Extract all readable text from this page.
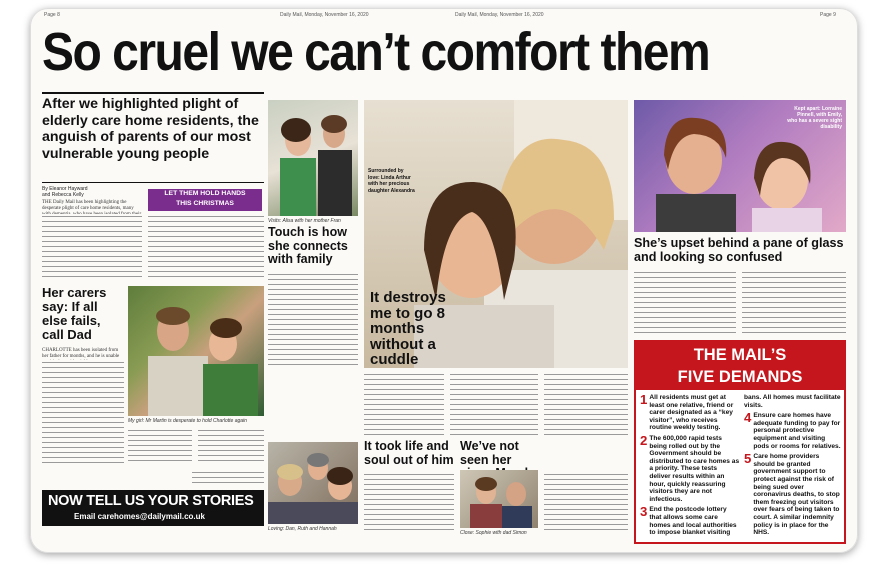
Page 8	Daily Mail, Monday, November 16, 2020	Daily Mail, Monday, November 16, 2020	Page 9
So cruel we can’t comfort them
After we highlighted plight of elderly care home residents, the anguish of parents of our most vulnerable young people
By Eleanor Hayward
and Rebecca Kelly	LET THEM HOLD HANDS
THIS CHRISTMAS
THE Daily Mail has been highlighting the desperate plight of care home residents, many
Her carers say: If all else fails, call Dad
CHARLOTTE has been isolated from her father for months, and he is unable
My girl: Mr Martin is desperate to hold Charlotte again
NOW TELL US YOUR STORIES
Email carehomes@dailymail.co.uk
Visits: Alisa with her mother Fran
Touch is how she connects with family
Surrounded by love: Linda Arthur with her precious daughter Alexandra
It destroys me to go 8 months without a cuddle
Loving: Dan, Ruth and Hannah
It took life and soul out of him
We’ve not seen her
Close: Sophie with dad Simon
Kept apart: Lorraine Pinnell, with Emily, who has a severe sight disability
She’s upset behind a pane of glass and looking so confused
THE MAIL’S
FIVE DEMANDS
1 All residents must get at least one relative, friend or carer designated as a “key visitor”, who receives routine weekly testing.
2 The 600,000 rapid tests being rolled out by the Government should be distributed to care homes as a priority. These tests deliver results within an hour, quickly reassuring visitors they are not infectious.
3 End the postcode lottery that allows some care homes and local authorities to impose blanket visiting
bans. All homes must facilitate visits.
4 Ensure care homes have adequate funding to pay for personal protective equipment and visiting pods or rooms for relatives.
5 Care home providers should be granted government support to protect against the risk of being sued over coronavirus deaths, to stop them freezing out visitors over fears of being taken to court. A similar indemnity policy is in place for the NHS.
